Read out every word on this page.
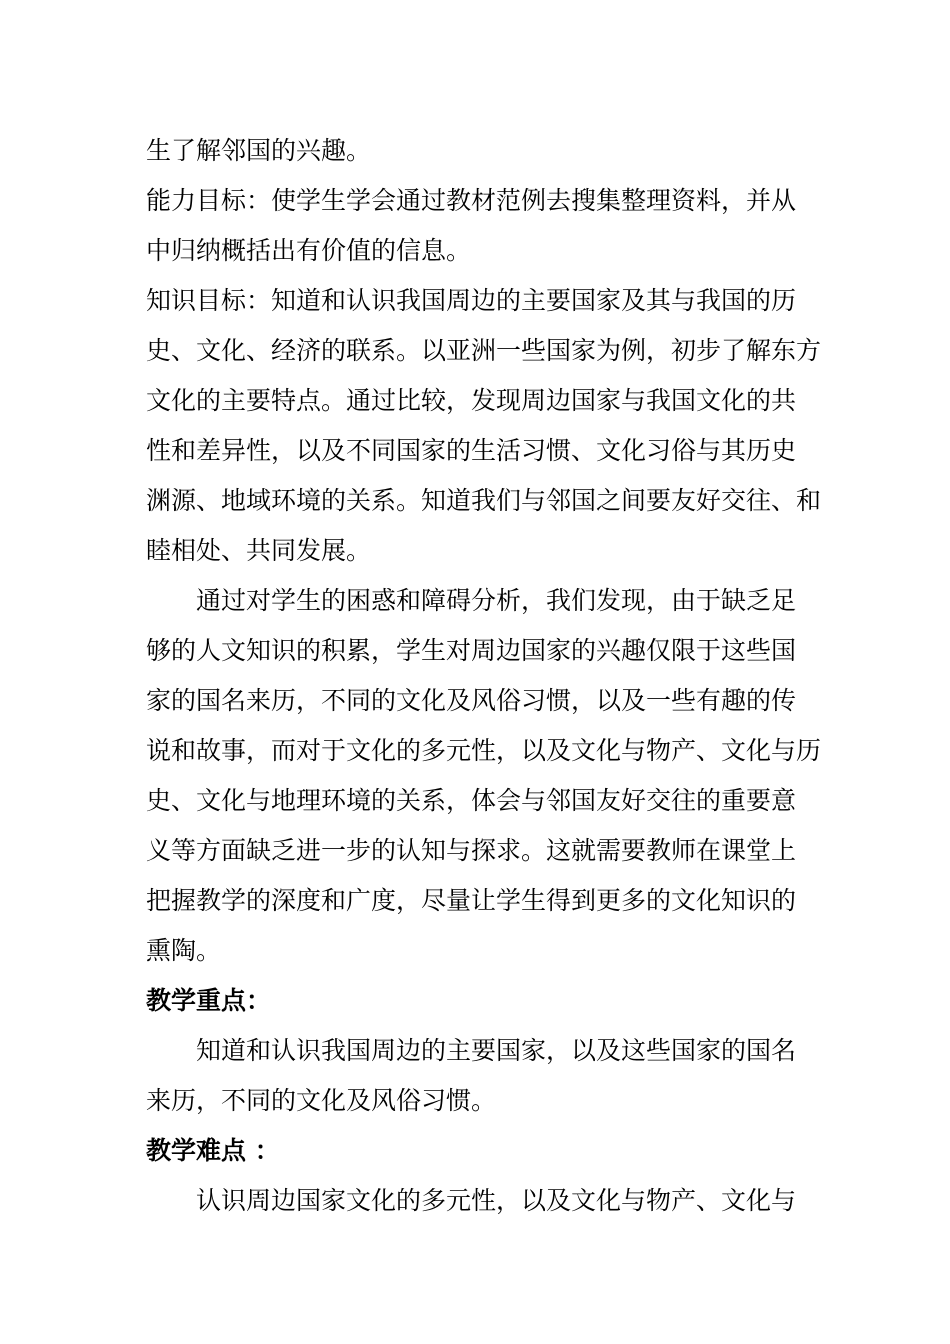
生了解邻国的兴趣。
能力目标：使学生学会通过教材范例去搜集整理资料，并从
中归纳概括出有价值的信息。
知识目标：知道和认识我国周边的主要国家及其与我国的历
史、文化、经济的联系。以亚洲一些国家为例，初步了解东方
文化的主要特点。通过比较，发现周边国家与我国文化的共
性和差异性，以及不同国家的生活习惯、文化习俗与其历史
渊源、地域环境的关系。知道我们与邻国之间要友好交往、和
睦相处、共同发展。
通过对学生的困惑和障碍分析，我们发现，由于缺乏足
够的人文知识的积累，学生对周边国家的兴趣仅限于这些国
家的国名来历，不同的文化及风俗习惯，以及一些有趣的传
说和故事，而对于文化的多元性，以及文化与物产、文化与历
史、文化与地理环境的关系，体会与邻国友好交往的重要意
义等方面缺乏进一步的认知与探求。这就需要教师在课堂上
把握教学的深度和广度，尽量让学生得到更多的文化知识的
熏陶。
教学重点：
知道和认识我国周边的主要国家，以及这些国家的国名
来历，不同的文化及风俗习惯。
教学难点 ：
认识周边国家文化的多元性，以及文化与物产、文化与
